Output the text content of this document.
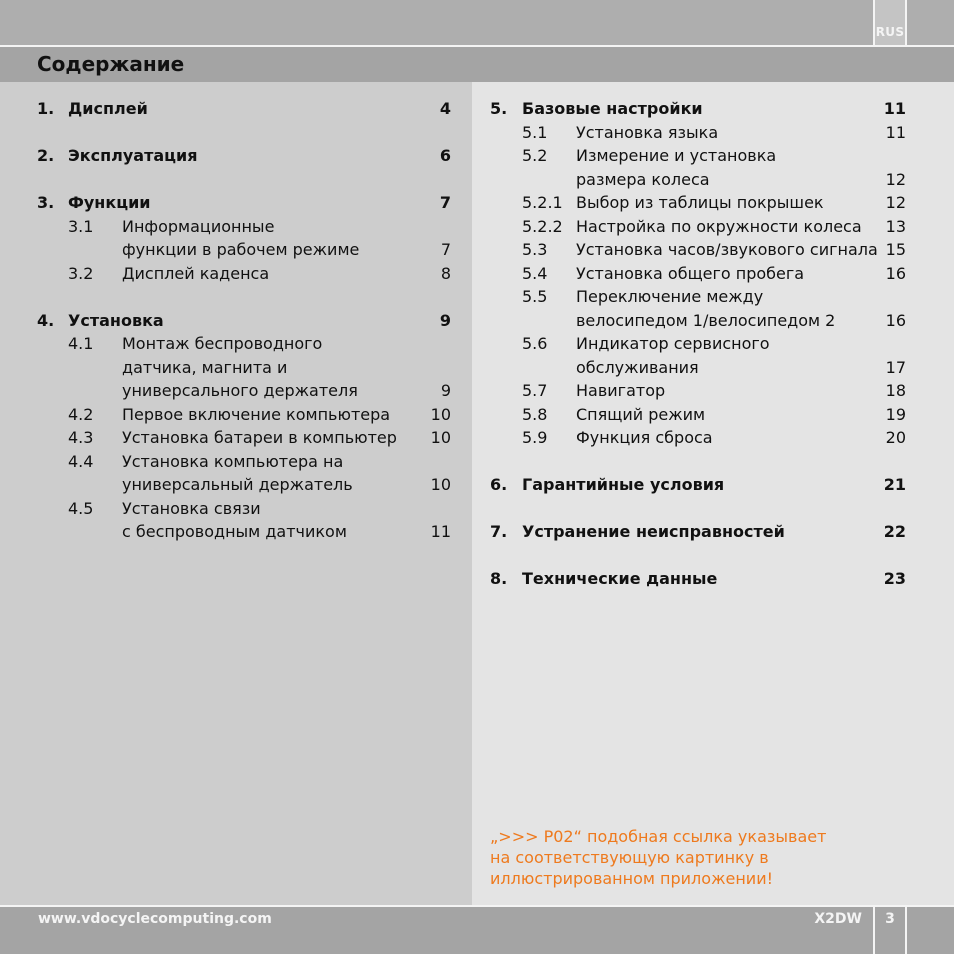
RUS
Содержание
1. Дисплей	4
2. Эксплуатация	6
3. Функции	7
3.1 Информационные
функции в рабочем режиме	7
3.2 Дисплей каденса	8
4. Установка	9
4.1 Монтаж беспроводного
датчика, магнита и
универсального держателя	9
4.2 Первое включение компьютера	10
4.3 Установка батареи в компьютер	10
4.4 Установка компьютера на
универсальный держатель	10
4.5 Установка связи
с беспроводным датчиком	11
5. Базовые настройки	11
5.1 Установка языка	11
5.2 Измерение и установка
размера колеса	12
5.2.1 Выбор из таблицы покрышек	12
5.2.2 Настройка по окружности колеса	13
5.3 Установка часов/звукового сигнала 15
5.4 Установка общего пробега	16
5.5 Переключение между
велосипедом 1/велосипедом 2	16
5.6 Индикатор сервисного
обслуживания	17
5.7 Навигатор	18
5.8 Спящий режим	19
5.9 Функция сброса	20
6. Гарантийные условия	21
7. Устранение неисправностей	22
8. Технические данные	23
„>>> P02“ подобная ссылка указывает
на соответствующую картинку в
иллюстрированном приложении!
www.vdocyclecomputing.com	X2DW	3
